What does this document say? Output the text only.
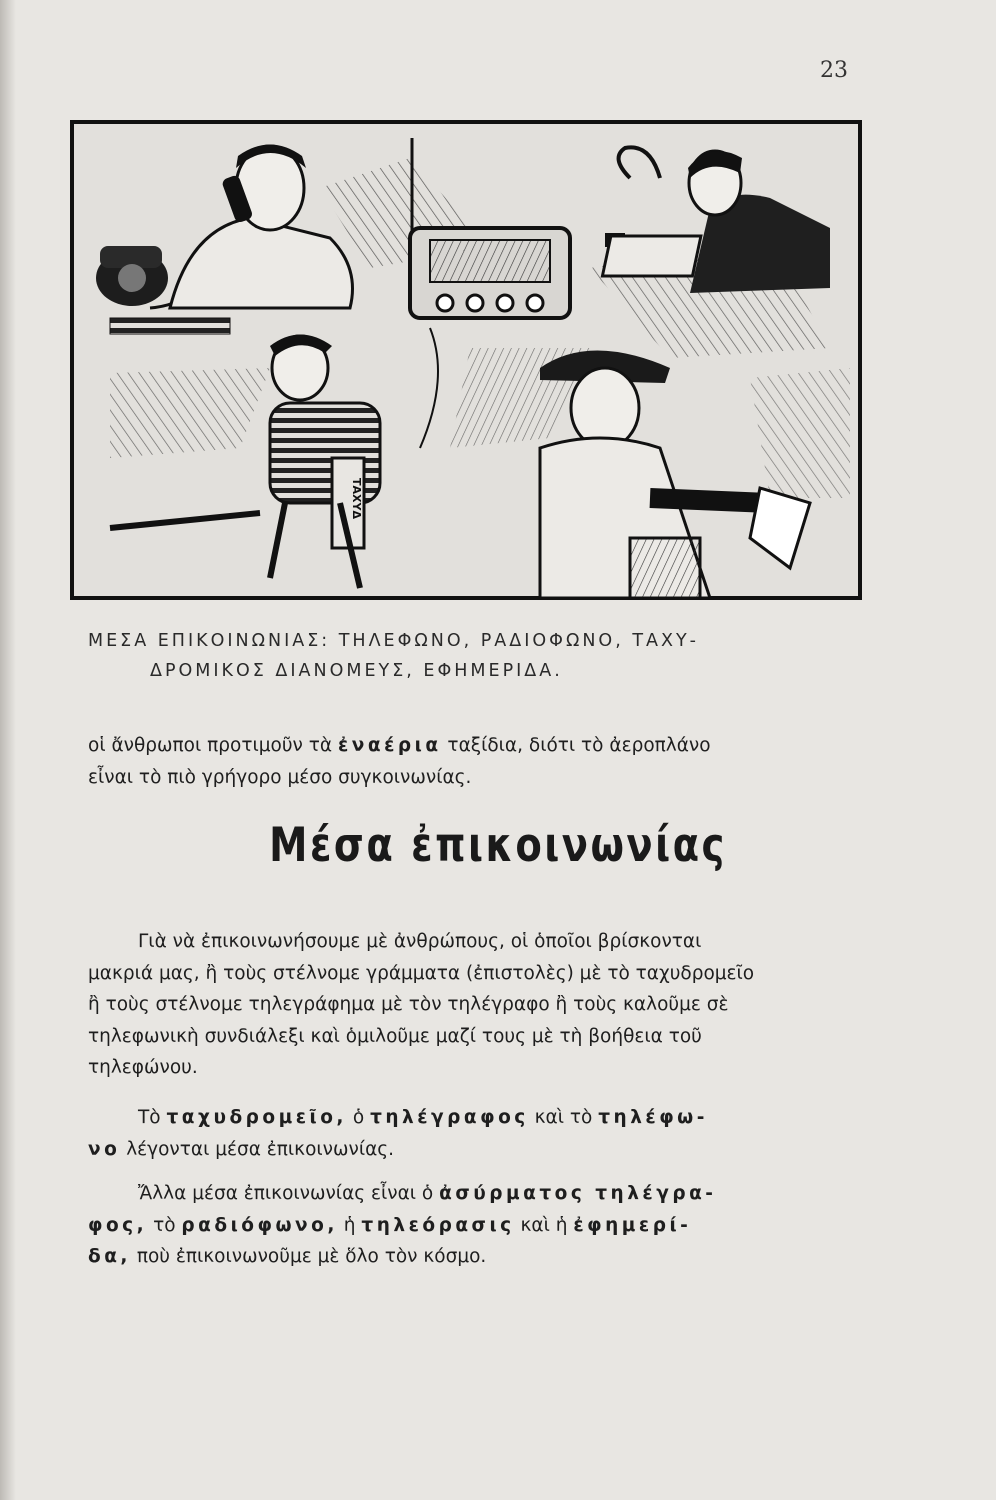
23
ΤΑΧΥΔ
ΜΕΣΑ ΕΠΙΚΟΙΝΩΝΙΑΣ: ΤΗΛΕΦΩΝΟ, ΡΑΔΙΟΦΩΝΟ, ΤΑΧΥ-
ΔΡΟΜΙΚΟΣ ΔΙΑΝΟΜΕΥΣ, ΕΦΗΜΕΡΙΔΑ.

οἱ ἄνθρωποι προτιμοῦν τὰ ἐναέρια ταξίδια, διότι τὸ ἀεροπλάνο

εἶναι τὸ πιὸ γρήγορο μέσο συγκοινωνίας.

Μέσα ἐπικοινωνίας

Γιὰ νὰ ἐπικοινωνήσουμε μὲ ἀνθρώπους, οἱ ὁποῖοι βρίσκονται

μακριά μας, ἢ τοὺς στέλνομε γράμματα (ἐπιστολὲς) μὲ τὸ ταχυδρομεῖο

ἢ τοὺς στέλνομε τηλεγράφημα μὲ τὸν τηλέγραφο ἢ τοὺς καλοῦμε σὲ

τηλεφωνικὴ συνδιάλεξι καὶ ὁμιλοῦμε μαζί τους μὲ τὴ βοήθεια τοῦ

τηλεφώνου.

Τὸ ταχυδρομεῖο, ὁ τηλέγραφος καὶ τὸ τηλέφω-

νο λέγονται μέσα ἐπικοινωνίας.

Ἄλλα μέσα ἐπικοινωνίας εἶναι ὁ ἀσύρματος τηλέγρα-

φος, τὸ ραδιόφωνο, ἡ τηλεόρασις καὶ ἡ ἐφημερί-

δα, ποὺ ἐπικοινωνοῦμε μὲ ὅλο τὸν κόσμο.
